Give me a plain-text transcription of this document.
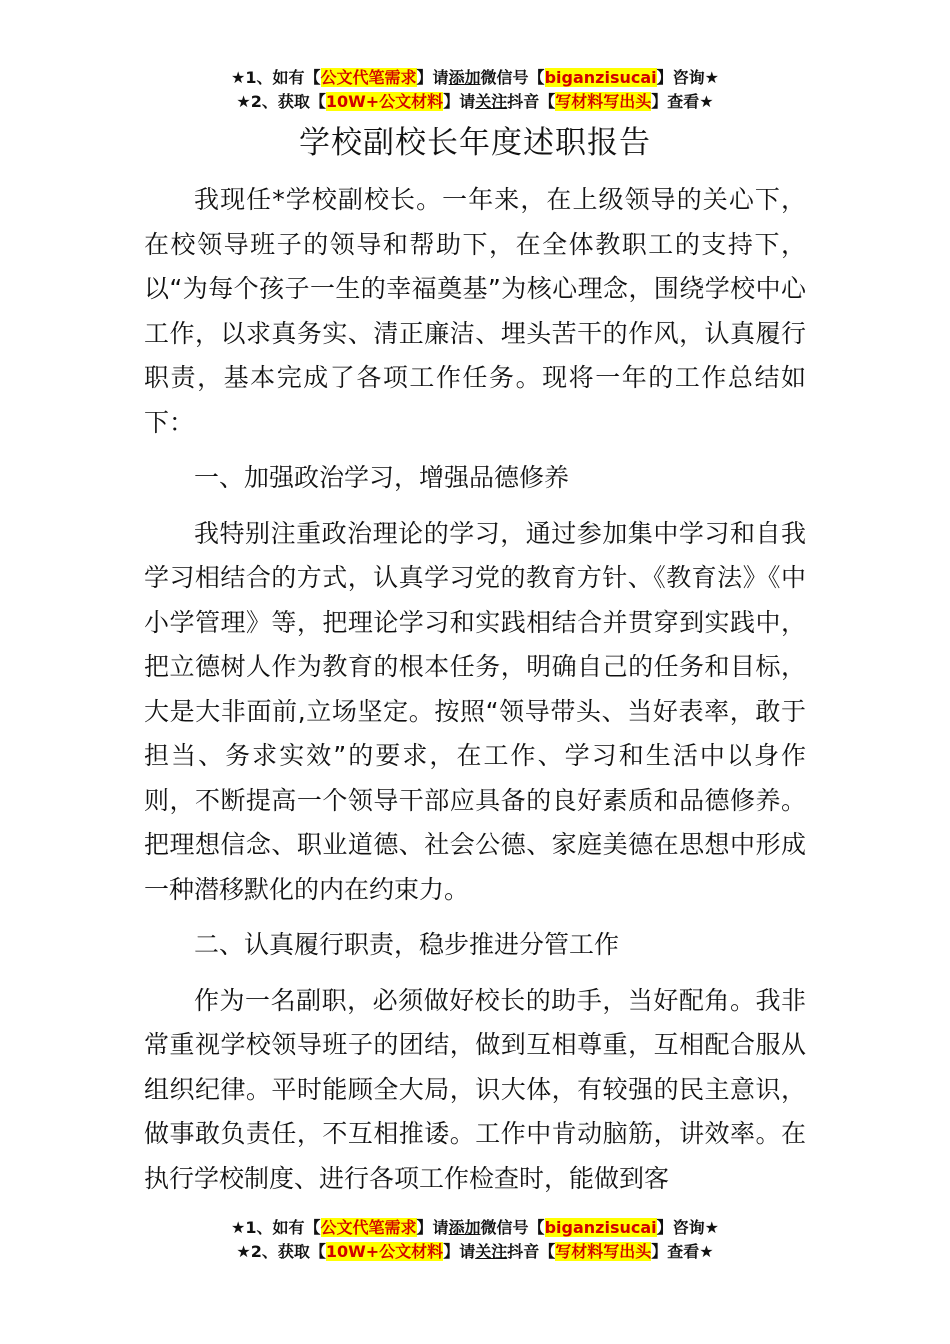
★1、如有【公文代笔需求】请添加微信号【biganzisucai】咨询★
★2、获取【10W+公文材料】请关注抖音【写材料写出头】查看★
学校副校长年度述职报告

我现任*学校副校长。一年来，在上级领导的关心下，在校领导班子的领导和帮助下，在全体教职工的支持下，以“为每个孩子一生的幸福奠基”为核心理念，围绕学校中心工作，以求真务实、清正廉洁、埋头苦干的作风，认真履行职责，基本完成了各项工作任务。现将一年的工作总结如下：

一、加强政治学习，增强品德修养

我特别注重政治理论的学习，通过参加集中学习和自我学习相结合的方式，认真学习党的教育方针、《教育法》《中小学管理》等，把理论学习和实践相结合并贯穿到实践中，把立德树人作为教育的根本任务，明确自己的任务和目标，大是大非面前,立场坚定。按照“领导带头、当好表率，敢于担当、务求实效”的要求，在工作、学习和生活中以身作则，不断提高一个领导干部应具备的良好素质和品德修养。把理想信念、职业道德、社会公德、家庭美德在思想中形成一种潜移默化的内在约束力。

二、认真履行职责，稳步推进分管工作

作为一名副职，必须做好校长的助手，当好配角。我非常重视学校领导班子的团结，做到互相尊重，互相配合服从组织纪律。平时能顾全大局，识大体，有较强的民主意识，做事敢负责任，不互相推诿。工作中肯动脑筋，讲效率。在执行学校制度、进行各项工作检查时，能做到客

★1、如有【公文代笔需求】请添加微信号【biganzisucai】咨询★
★2、获取【10W+公文材料】请关注抖音【写材料写出头】查看★
